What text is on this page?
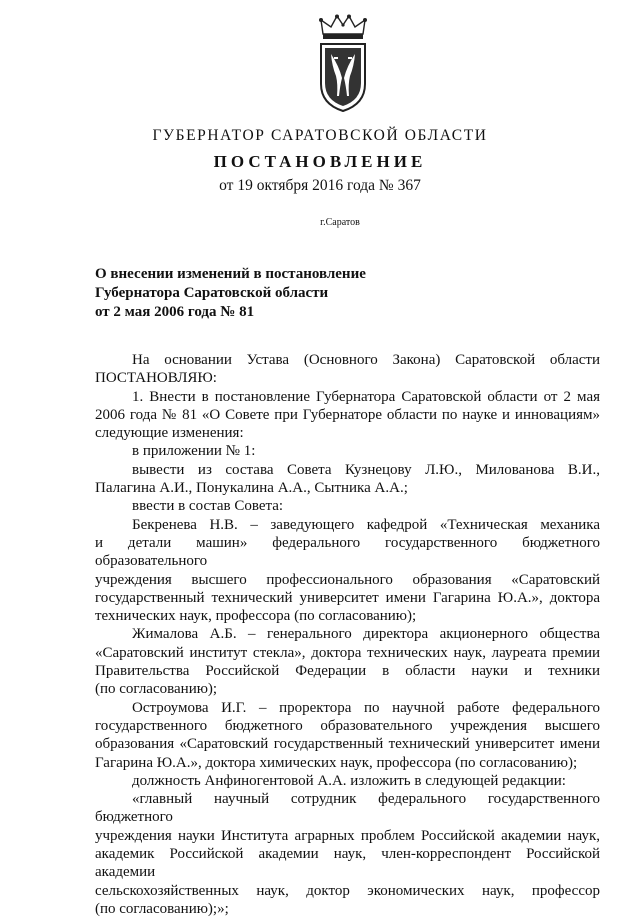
ГУБЕРНАТОР САРАТОВСКОЙ ОБЛАСТИ
ПОСТАНОВЛЕНИЕ
от 19 октября 2016 года № 367
г.Саратов
О внесении изменений в постановление
Губернатора Саратовской области
от 2 мая 2006 года № 81
На основании Устава (Основного Закона) Саратовской области
ПОСТАНОВЛЯЮ:
1. Внести в постановление Губернатора Саратовской области от 2 мая
2006 года № 81 «О Совете при Губернаторе области по науке и инновациям»
следующие изменения:
в приложении № 1:
вывести из состава Совета Кузнецову Л.Ю., Милованова В.И.,
Палагина А.И., Понукалина А.А., Сытника А.А.;
ввести в состав Совета:
Бекренева Н.В. – заведующего кафедрой «Техническая механика
и детали машин» федерального государственного бюджетного образовательного
учреждения высшего профессионального образования «Саратовский
государственный технический университет имени Гагарина Ю.А.», доктора
технических наук, профессора (по согласованию);
Жималова А.Б. – генерального директора акционерного общества
«Саратовский институт стекла», доктора технических наук, лауреата премии
Правительства Российской Федерации в области науки и техники
(по согласованию);
Остроумова И.Г. – проректора по научной работе федерального
государственного бюджетного образовательного учреждения высшего
образования «Саратовский государственный технический университет имени
Гагарина Ю.А.», доктора химических наук, профессора (по согласованию);
должность Анфиногентовой А.А. изложить в следующей редакции:
«главный научный сотрудник федерального государственного бюджетного
учреждения науки Института аграрных проблем Российской академии наук,
академик Российской академии наук, член-корреспондент Российской академии
сельскохозяйственных наук, доктор экономических наук, профессор
(по согласованию);»;
